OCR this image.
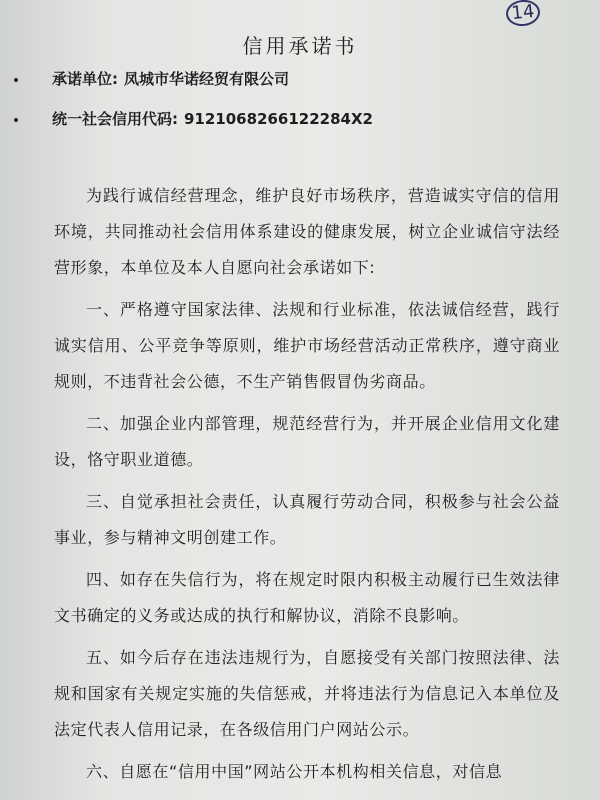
14
信用承诺书
承诺单位: 凤城市华诺经贸有限公司
统一社会信用代码: 9121068266122284X2

为践行诚信经营理念，维护良好市场秩序，营造诚实守信的信用环境，共同推动社会信用体系建设的健康发展，树立企业诚信守法经营形象，本单位及本人自愿向社会承诺如下:

一、严格遵守国家法律、法规和行业标准，依法诚信经营，践行诚实信用、公平竞争等原则，维护市场经营活动正常秩序，遵守商业规则，不违背社会公德，不生产销售假冒伪劣商品。

二、加强企业内部管理，规范经营行为，并开展企业信用文化建设，恪守职业道德。

三、自觉承担社会责任，认真履行劳动合同，积极参与社会公益事业，参与精神文明创建工作。

四、如存在失信行为，将在规定时限内积极主动履行已生效法律文书确定的义务或达成的执行和解协议，消除不良影响。

五、如今后存在违法违规行为，自愿接受有关部门按照法律、法规和国家有关规定实施的失信惩戒，并将违法行为信息记入本单位及法定代表人信用记录，在各级信用门户网站公示。

六、自愿在“信用中国”网站公开本机构相关信息，对信息
